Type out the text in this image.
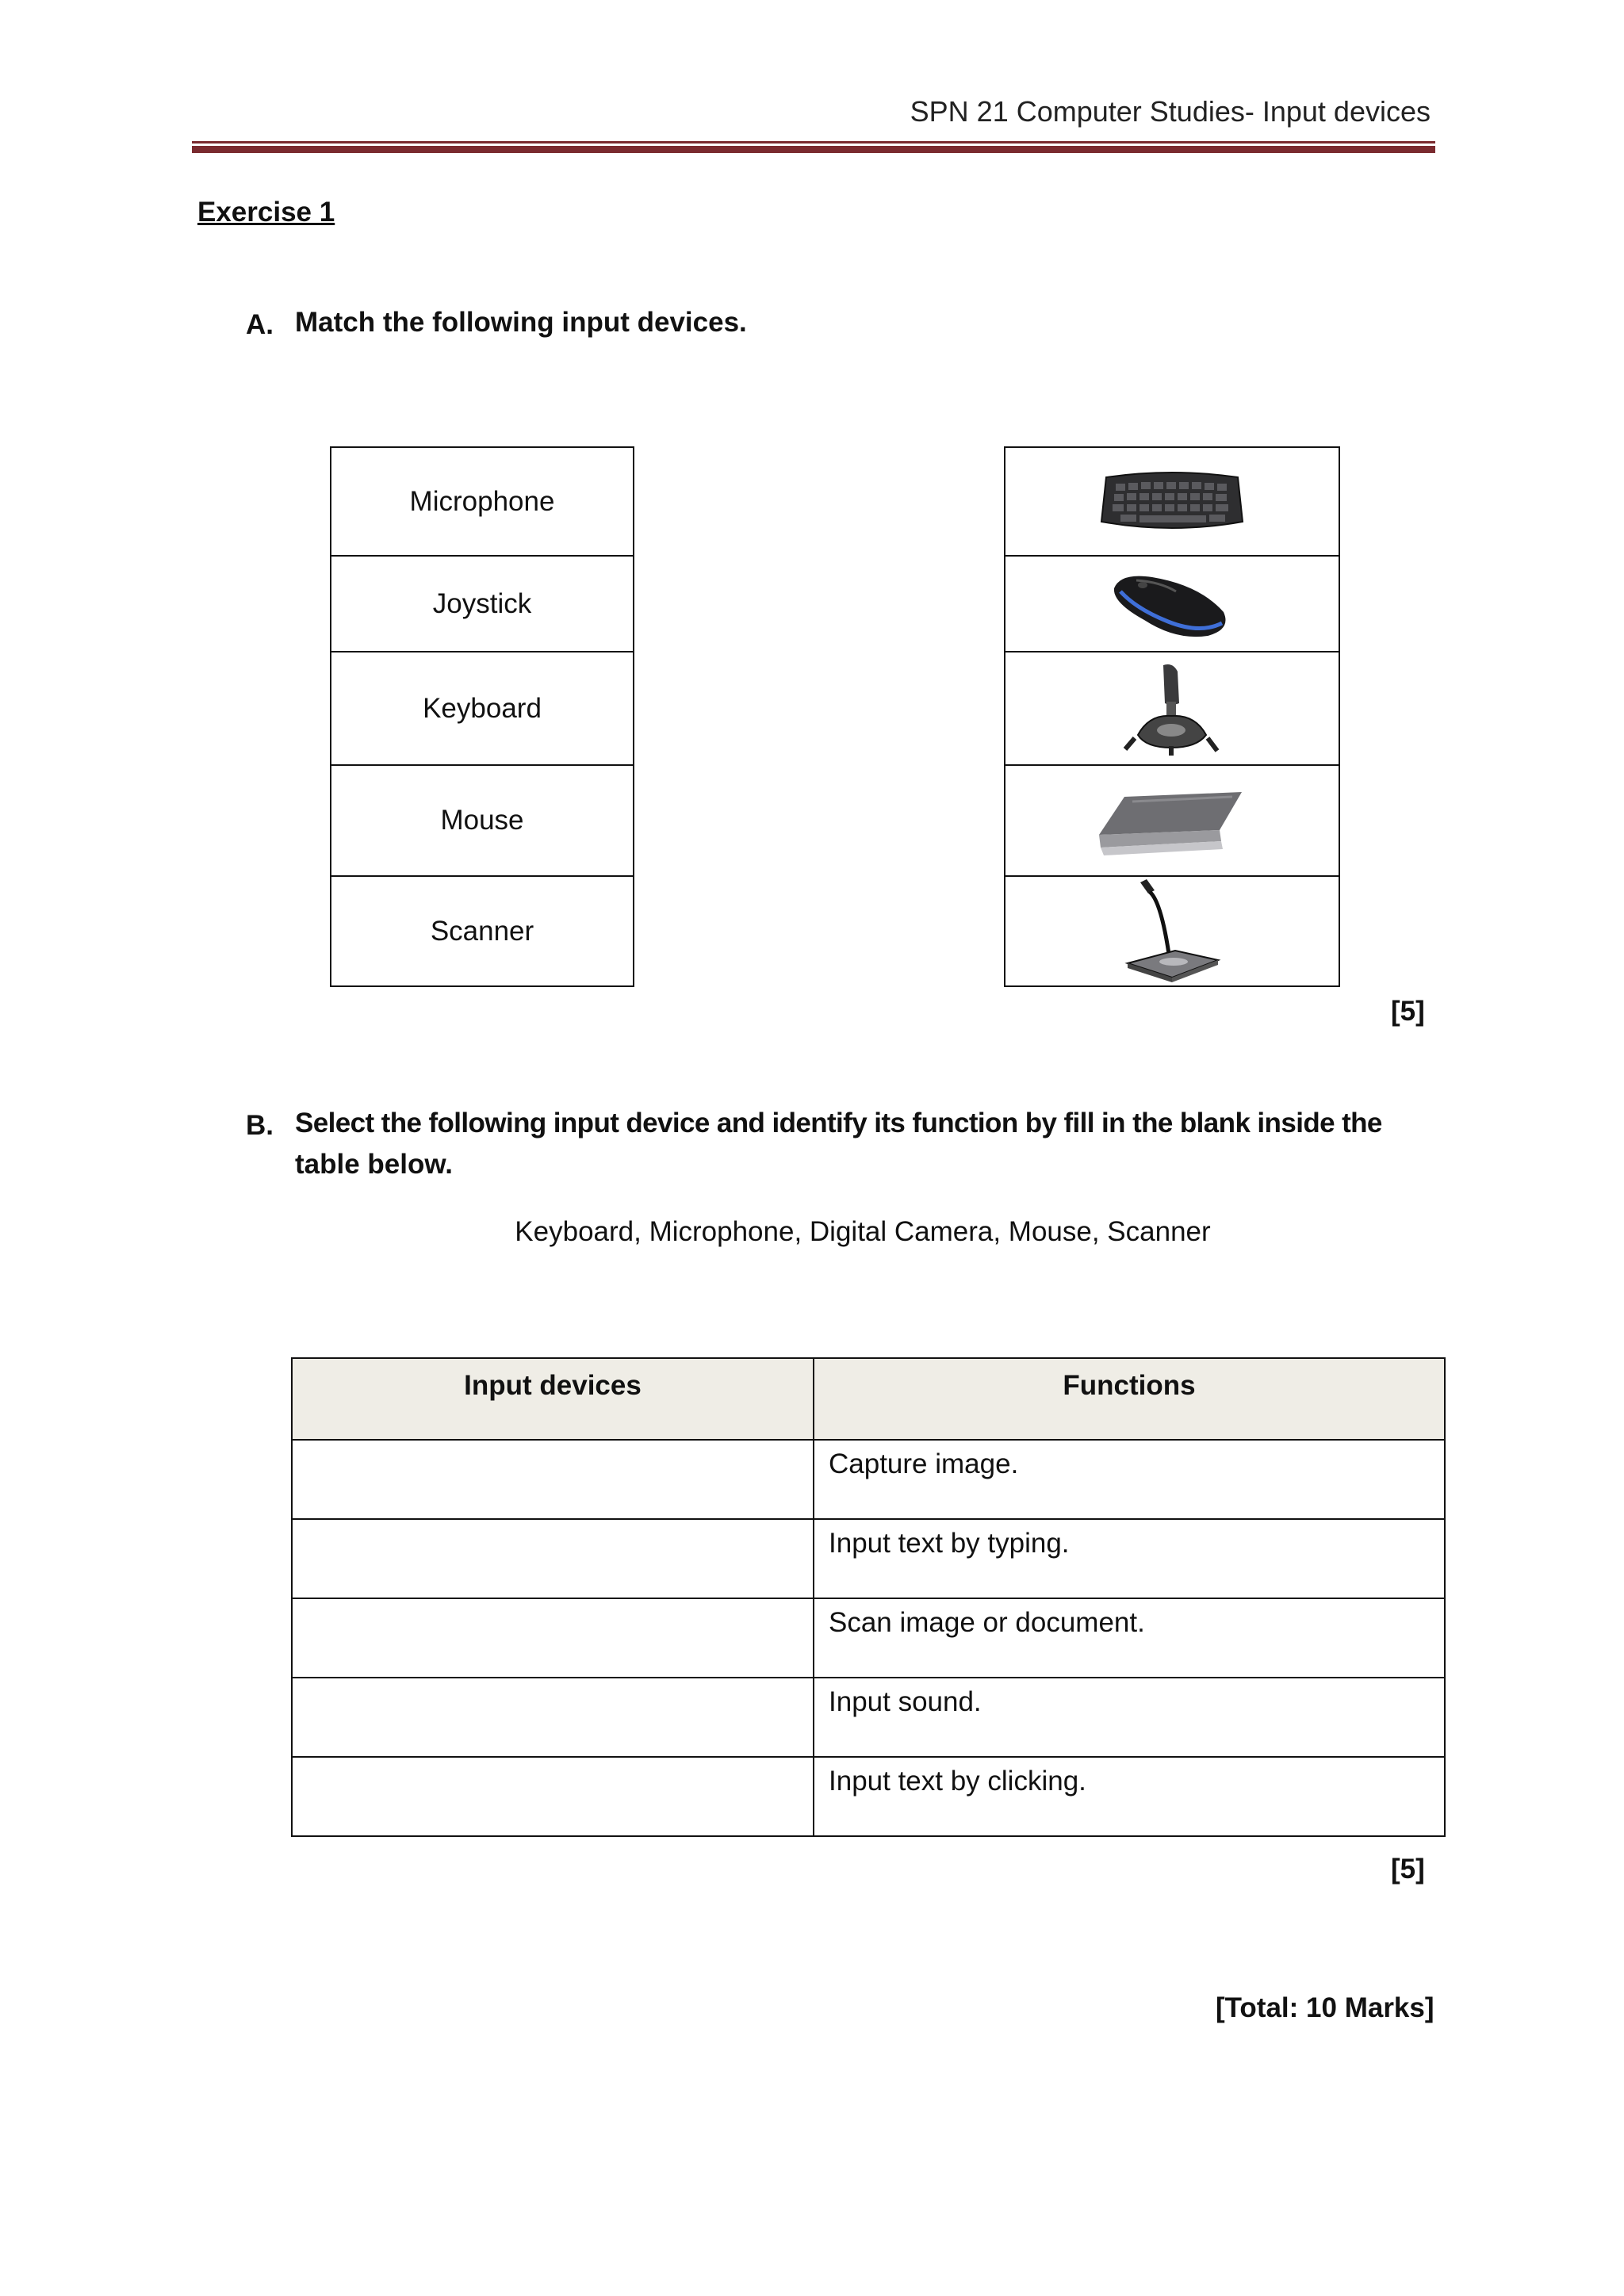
SPN 21 Computer Studies- Input devices
Exercise 1
A. Match the following input devices.
Microphone
Joystick
Keyboard
Mouse
Scanner
[5]
B. Select the following input device and identify its function by fill in the blank inside the
table below.
Keyboard, Microphone, Digital Camera, Mouse, Scanner
Input devices	Functions
	Capture image.
	Input text by typing.
	Scan image or document.
	Input sound.
	Input text by clicking.
[5]
[Total: 10 Marks]
